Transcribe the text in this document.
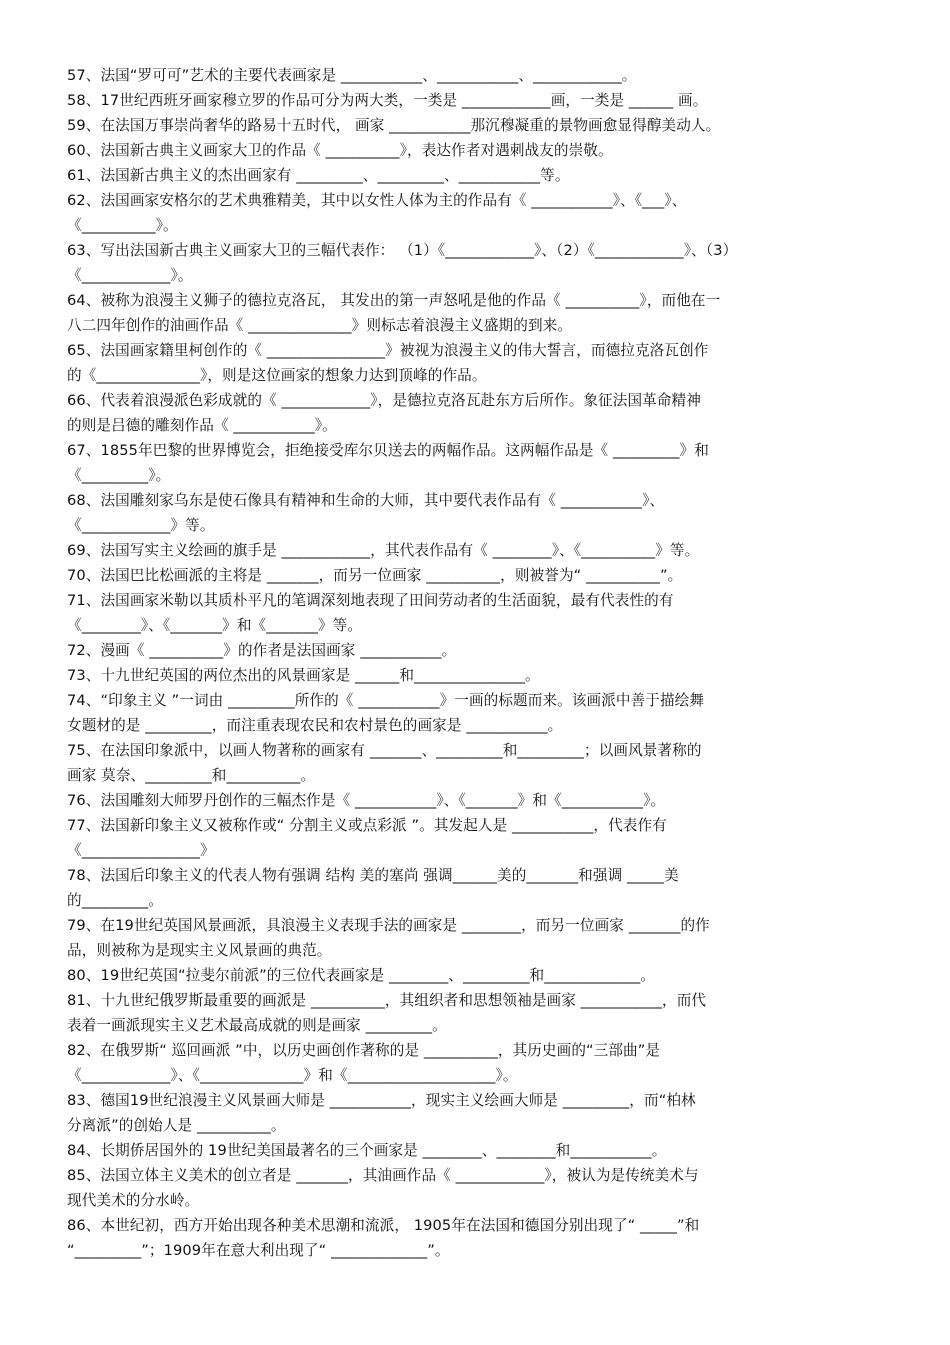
57、法国“罗可可”艺术的主要代表画家是 ___________、___________、____________。
58、17世纪西班牙画家穆立罗的作品可分为两大类，一类是 ____________画，一类是 ______ 画。
59、在法国万事崇尚奢华的路易十五时代， 画家 ___________那沉穆凝重的景物画愈显得醇美动人。
60、法国新古典主义画家大卫的作品《 __________》，表达作者对遇刺战友的崇敬。
61、法国新古典主义的杰出画家有 _________、_________、___________等。
62、法国画家安格尔的艺术典雅精美，其中以女性人体为主的作品有《 ___________》、《___》、
《__________》。
63、写出法国新古典主义画家大卫的三幅代表作： （1）《____________》、（2）《____________》、（3）
《____________》。
64、被称为浪漫主义狮子的德拉克洛瓦， 其发出的第一声怒吼是他的作品《 __________》，而他在一
八二四年创作的油画作品《 ______________》则标志着浪漫主义盛期的到来。
65、法国画家籍里柯创作的《 ________________》被视为浪漫主义的伟大誓言，而德拉克洛瓦创作
的《______________》，则是这位画家的想象力达到顶峰的作品。
66、代表着浪漫派色彩成就的《 ____________》，是德拉克洛瓦赴东方后所作。象征法国革命精神
的则是吕德的雕刻作品《 ___________》。
67、1855年巴黎的世界博览会，拒绝接受库尔贝送去的两幅作品。这两幅作品是《 _________》和
《_________》。
68、法国雕刻家乌东是使石像具有精神和生命的大师，其中要代表作品有《 ___________》、
《____________》等。
69、法国写实主义绘画的旗手是 ____________，其代表作品有《 ________》、《__________》等。
70、法国巴比松画派的主将是 _______，而另一位画家 __________，则被誉为“ __________”。
71、法国画家米勒以其质朴平凡的笔调深刻地表现了田间劳动者的生活面貌，最有代表性的有
《________》、《_______》和《_______》等。
72、漫画《 __________》的作者是法国画家 ___________。
73、十九世纪英国的两位杰出的风景画家是 ______和_______________。
74、“印象主义 ”一词由 _________所作的《 ___________》一画的标题而来。该画派中善于描绘舞
女题材的是 _________，而注重表现农民和农村景色的画家是 ___________。
75、在法国印象派中，以画人物著称的画家有 _______、_________和_________；以画风景著称的
画家 莫奈、_________和__________。
76、法国雕刻大师罗丹创作的三幅杰作是《 ___________》、《_______》和《___________》。
77、法国新印象主义又被称作或“ 分割主义或点彩派 ”。其发起人是 ___________，代表作有
《________________》
78、法国后印象主义的代表人物有强调 结构 美的塞尚 强调______美的_______和强调 _____美
的_________。
79、在19世纪英国风景画派，具浪漫主义表现手法的画家是 ________，而另一位画家 _______的作
品，则被称为是现实主义风景画的典范。
80、19世纪英国“拉斐尔前派”的三位代表画家是 ________、_________和_____________。
81、十九世纪俄罗斯最重要的画派是 __________，其组织者和思想领袖是画家 ___________，而代
表着一画派现实主义艺术最高成就的则是画家 _________。
82、在俄罗斯“ 巡回画派 ”中，以历史画创作著称的是 __________，其历史画的“三部曲”是
《____________》、《______________》和《____________________》。
83、德国19世纪浪漫主义风景画大师是 ___________，现实主义绘画大师是 _________，而“柏林
分离派”的创始人是 __________。
84、长期侨居国外的 19世纪美国最著名的三个画家是 ________、________和___________。
85、法国立体主义美术的创立者是 _______，其油画作品《 ____________》，被认为是传统美术与
现代美术的分水岭。
86、本世纪初，西方开始出现各种美术思潮和流派， 1905年在法国和德国分别出现了“ _____”和
“_________”；1909年在意大利出现了“ _____________”。
